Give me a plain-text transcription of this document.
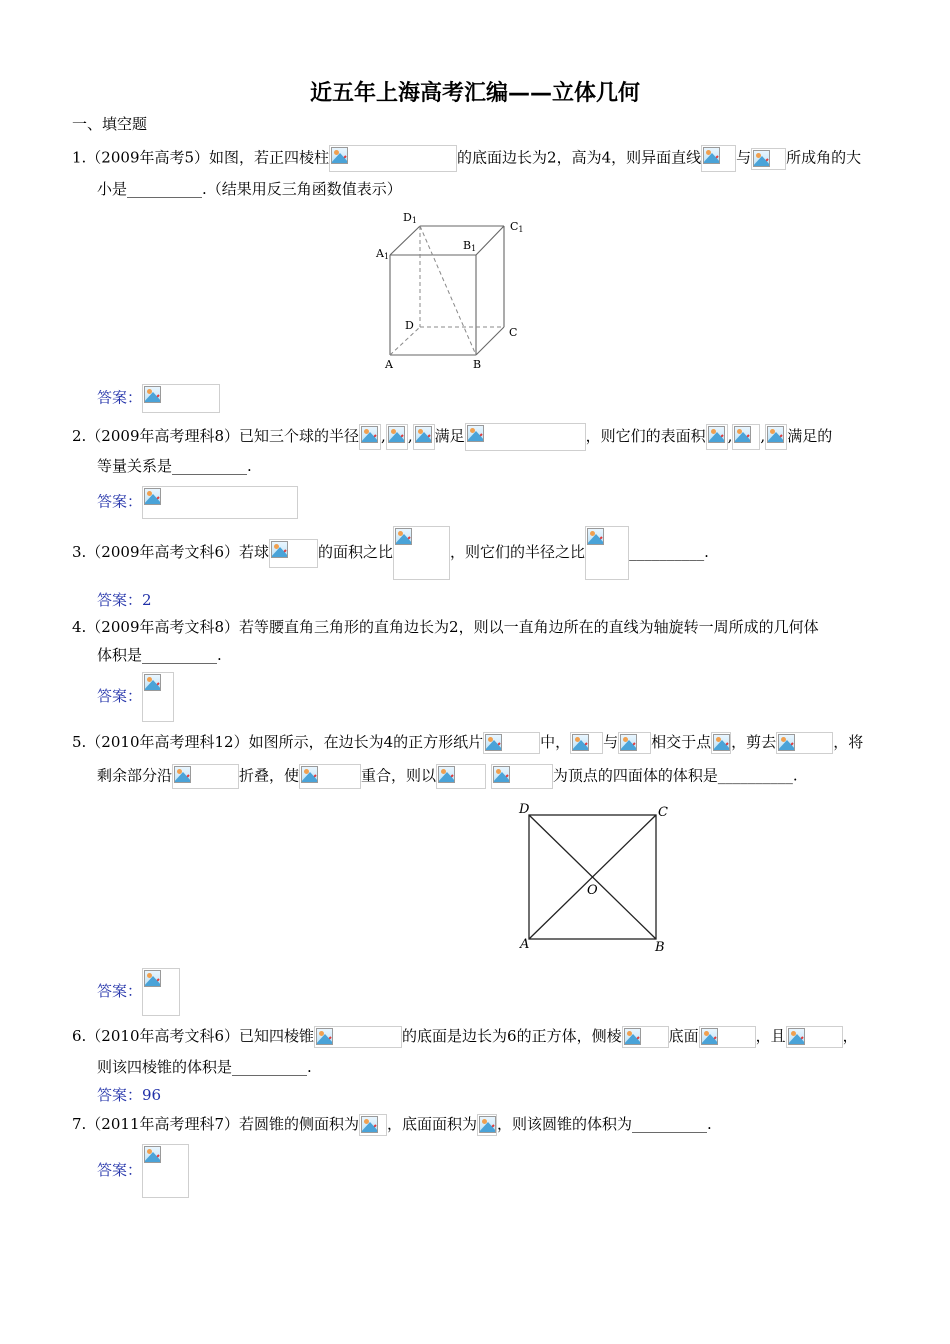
近五年上海高考汇编——立体几何
一、填空题
1.（2009年高考5）如图，若正四棱柱	的底面边长为2，高为4，则异面直线 与 所成角的大
小是__________.（结果用反三角函数值表示）
D1	C1
A1
B1
D
C
A	B
答案：
2.（2009年高考理科8）已知三个球的半径 , , 满足	，则它们的表面积 , , 满足的
等量关系是__________.
答案：
3.（2009年高考文科6）若球	的面积之比	，则它们的半径之比	__________.
答案：2
4.（2009年高考文科8）若等腰直角三角形的直角边长为2，则以一直角边所在的直线为轴旋转一周所成的几何体
体积是__________.
答案：
5.（2010年高考理科12）如图所示，在边长为4的正方形纸片	中， 与 相交于点 ，剪去	，将
剩余部分沿	折叠，使	重合，则以
	为顶点的四面体的体积是__________.
D	C
A	B
O
答案：
6.（2010年高考文科6）已知四棱锥	的底面是边长为6的正方体，侧棱	底面	，且	，
则该四棱锥的体积是__________.
答案：96
7.（2011年高考理科7）若圆锥的侧面积为 ，底面面积为 ，则该圆锥的体积为__________.
答案：
